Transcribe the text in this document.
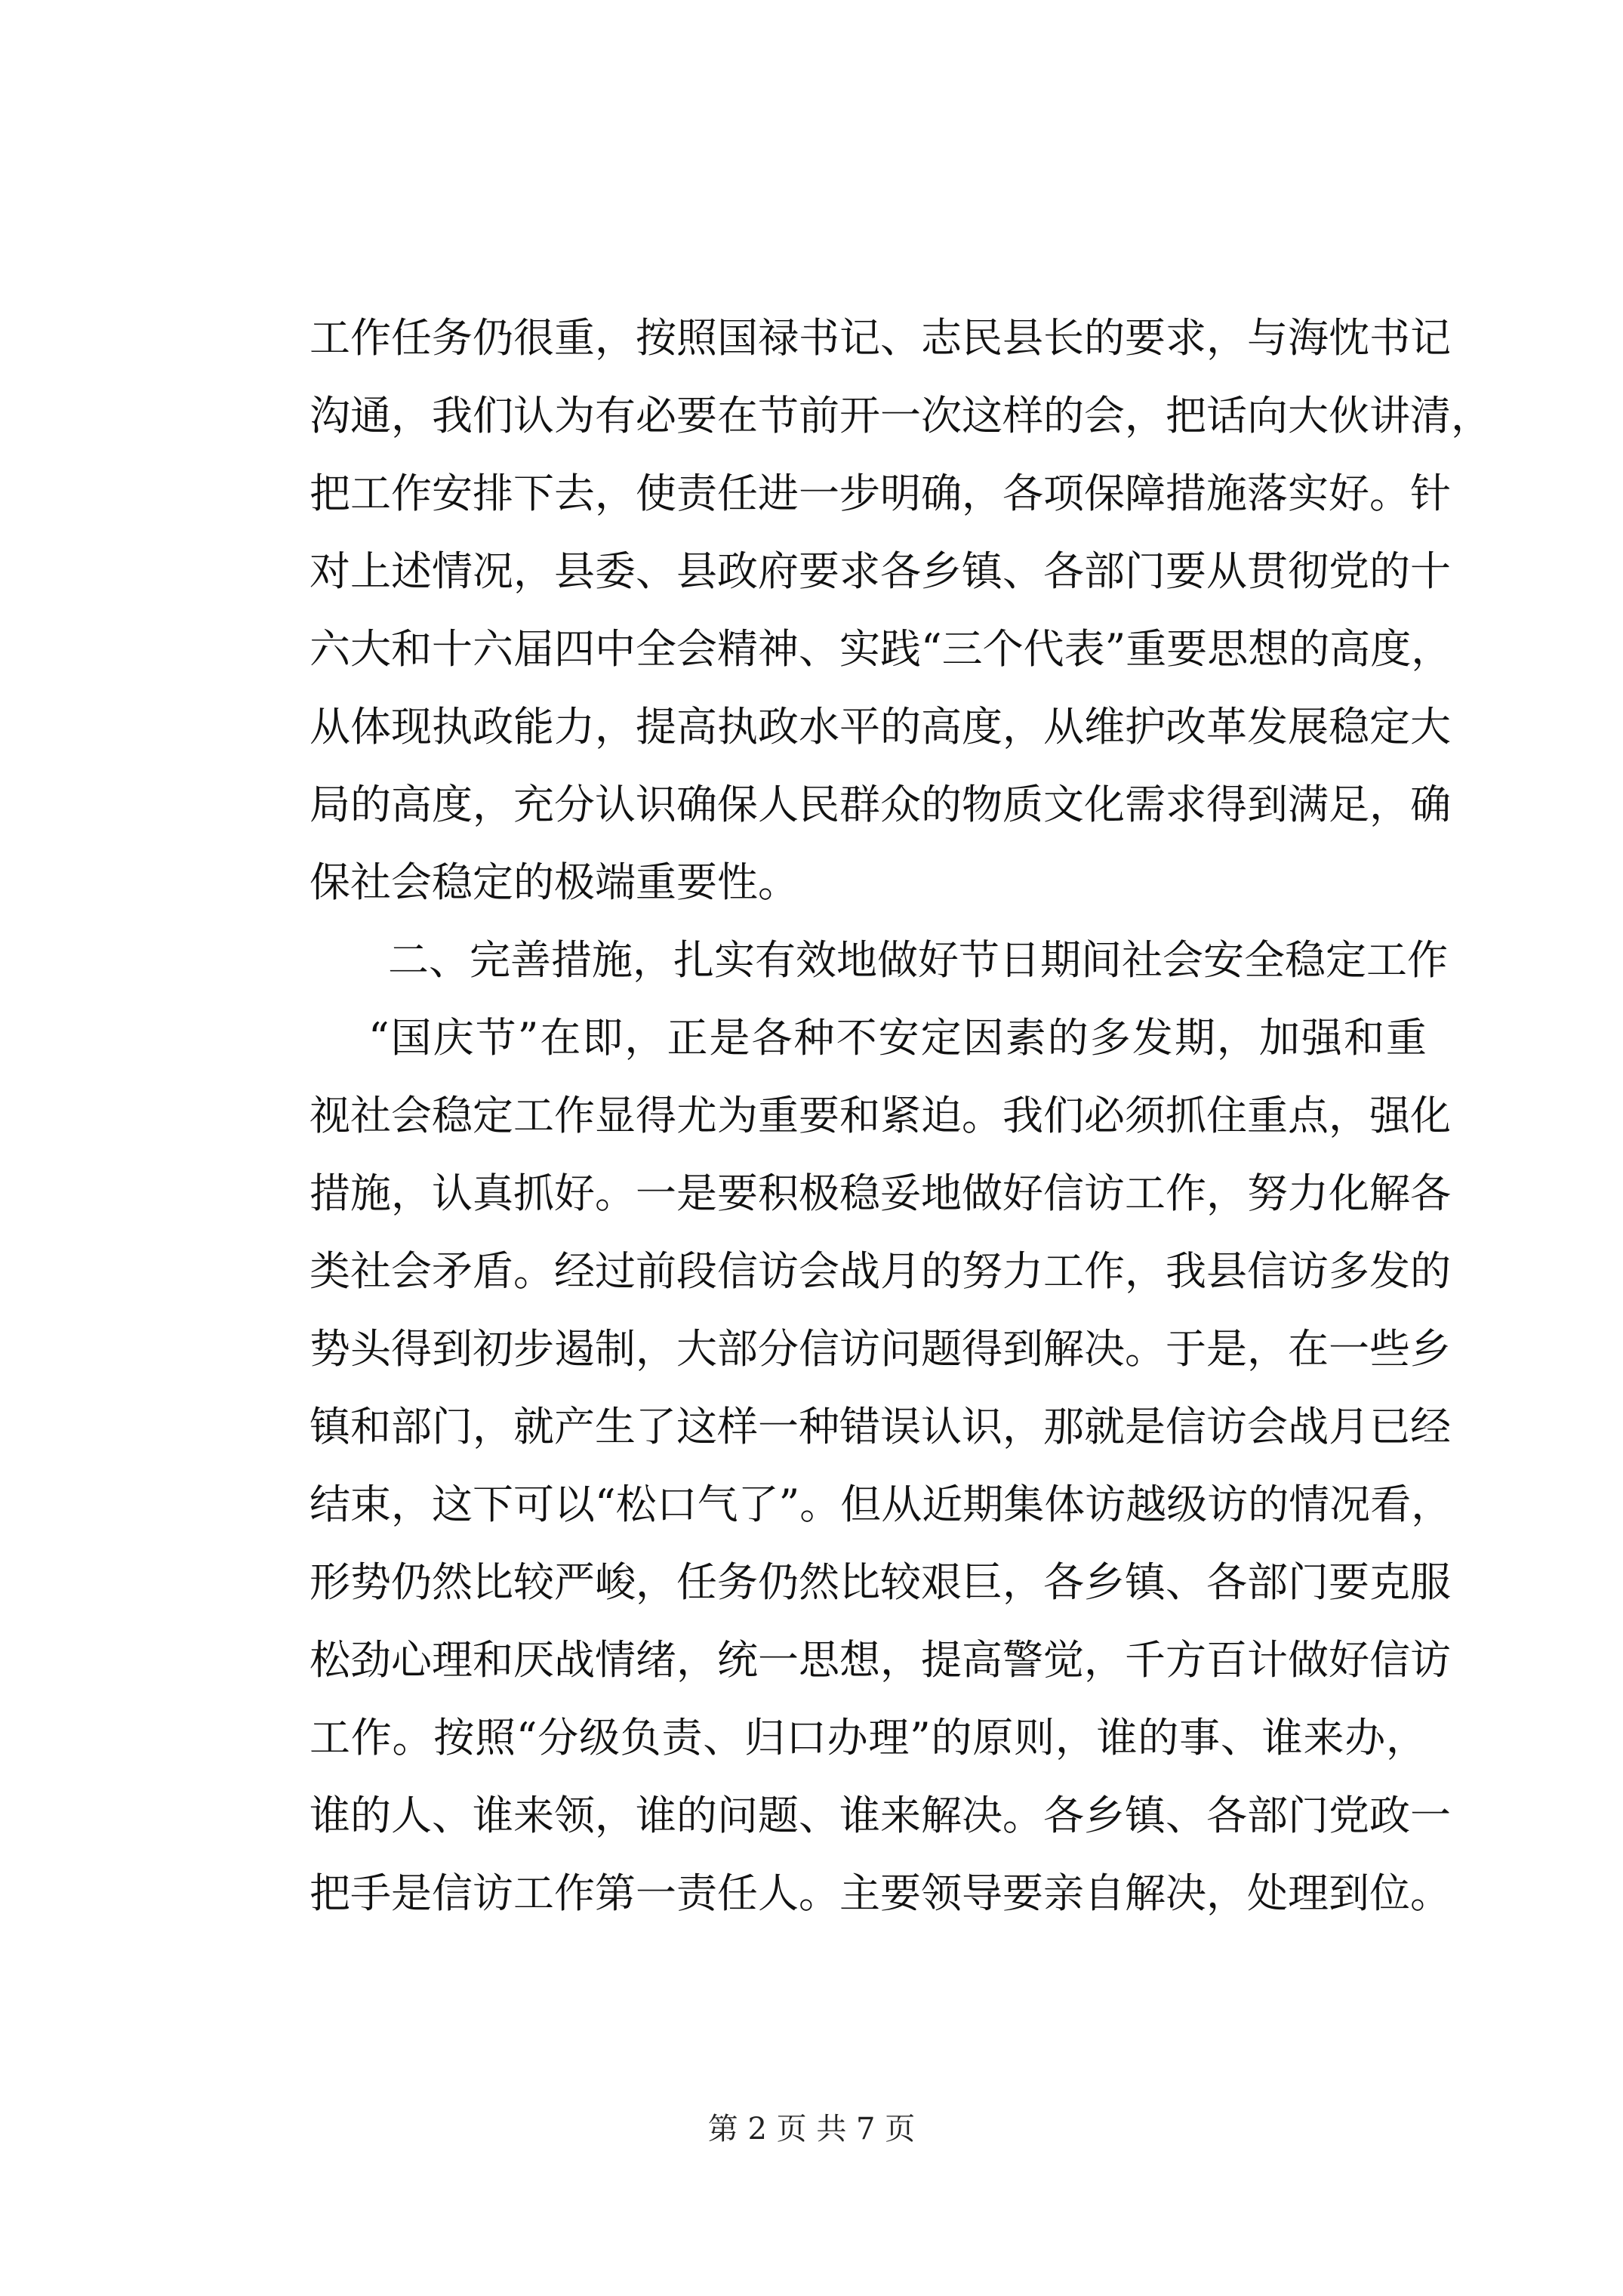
工作任务仍很重，按照国禄书记、志民县长的要求，与海忱书记
沟通，我们认为有必要在节前开一次这样的会，把话向大伙讲清，
把工作安排下去，使责任进一步明确，各项保障措施落实好。针
对上述情况，县委、县政府要求各乡镇、各部门要从贯彻党的十
六大和十六届四中全会精神、实践“三个代表”重要思想的高度，
从体现执政能力，提高执政水平的高度，从维护改革发展稳定大
局的高度，充分认识确保人民群众的物质文化需求得到满足，确
保社会稳定的极端重要性。
二、完善措施，扎实有效地做好节日期间社会安全稳定工作
“国庆节”在即，正是各种不安定因素的多发期，加强和重
视社会稳定工作显得尤为重要和紧迫。我们必须抓住重点，强化
措施，认真抓好。一是要积极稳妥地做好信访工作，努力化解各
类社会矛盾。经过前段信访会战月的努力工作，我县信访多发的
势头得到初步遏制，大部分信访问题得到解决。于是，在一些乡
镇和部门，就产生了这样一种错误认识，那就是信访会战月已经
结束，这下可以“松口气了”。但从近期集体访越级访的情况看，
形势仍然比较严峻，任务仍然比较艰巨，各乡镇、各部门要克服
松劲心理和厌战情绪，统一思想，提高警觉，千方百计做好信访
工作。按照“分级负责、归口办理”的原则，谁的事、谁来办，
谁的人、谁来领，谁的问题、谁来解决。各乡镇、各部门党政一
把手是信访工作第一责任人。主要领导要亲自解决，处理到位。
第 2 页 共 7 页
